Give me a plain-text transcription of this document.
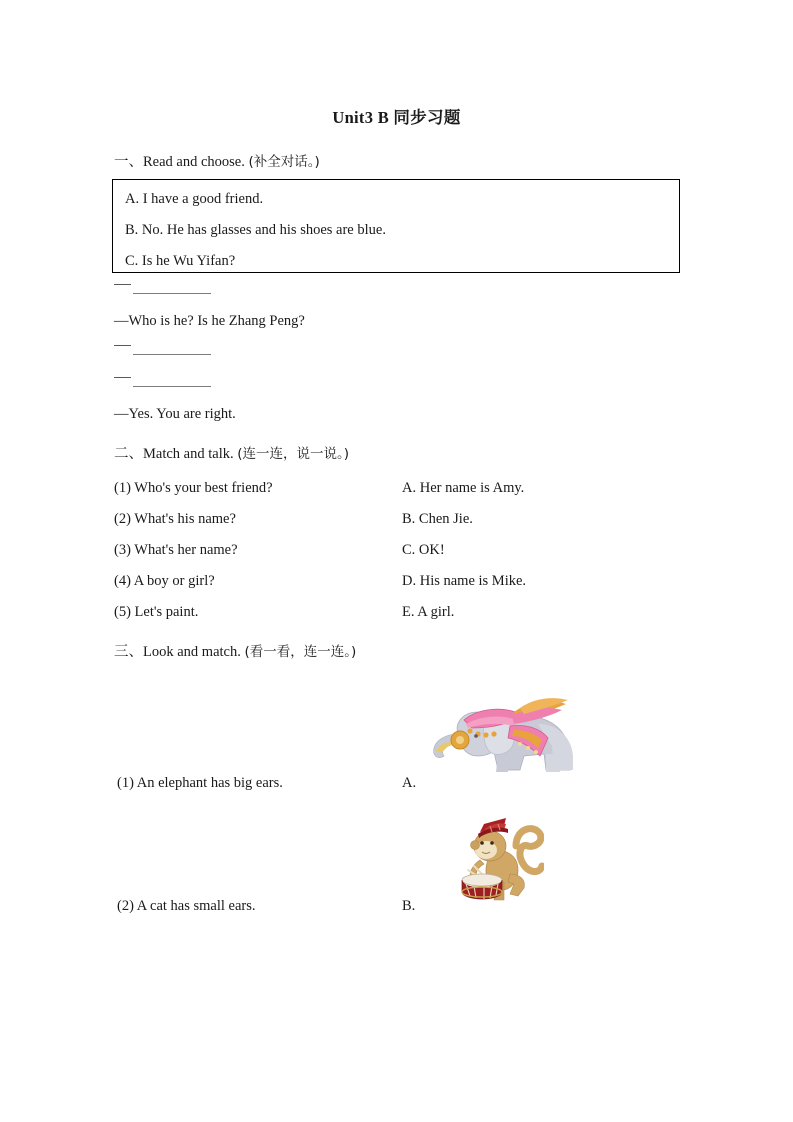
Unit3 B 同步习题
一、Read and choose. (补全对话。)
A. I have a good friend.
B. No. He has glasses and his shoes are blue.
C. Is he Wu Yifan?
—Who is he? Is he Zhang Peng?
—Yes. You are right.
二、Match and talk. (连一连，说一说。)
(1) Who's your best friend?
(2) What's his name?
(3) What's her name?
(4) A boy or girl?
(5) Let's paint.
A. Her name is Amy.
B. Chen Jie.
C. OK!
D. His name is Mike.
E. A girl.
三、Look and match. (看一看，连一连。)
(1) An elephant has big ears.	A.
(2) A cat has small ears.	B.
